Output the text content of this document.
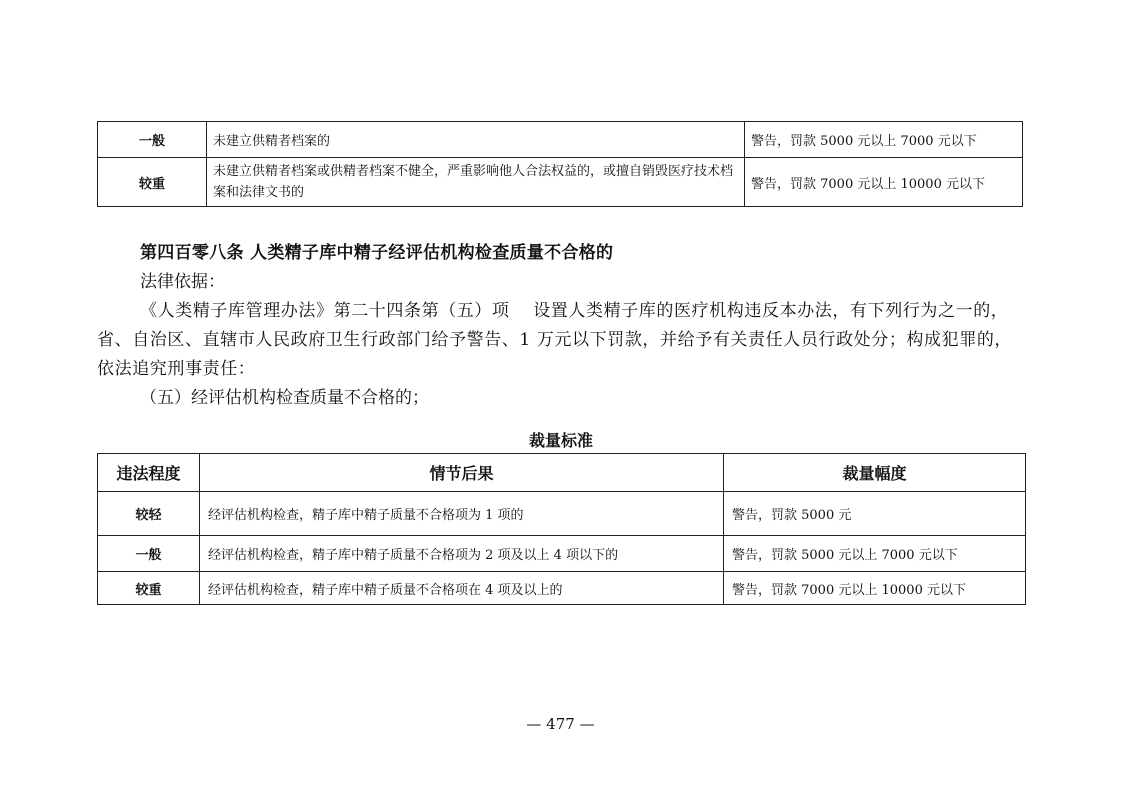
一般	未建立供精者档案的	警告，罚款 5000 元以上 7000 元以下
较重	未建立供精者档案或供精者档案不健全，严重影响他人合法权益的，或擅自销毁医疗技术档案和法律文书的	警告，罚款 7000 元以上 10000 元以下

第四百零八条 人类精子库中精子经评估机构检查质量不合格的

法律依据：

《人类精子库管理办法》第二十四条第（五）项　 设置人类精子库的医疗机构违反本办法，有下列行为之一的，省、自治区、直辖市人民政府卫生行政部门给予警告、1 万元以下罚款，并给予有关责任人员行政处分；构成犯罪的，依法追究刑事责任：

（五）经评估机构检查质量不合格的；

裁量标准
违法程度	情节后果	裁量幅度
较轻	经评估机构检查，精子库中精子质量不合格项为 1 项的	警告，罚款 5000 元
一般	经评估机构检查，精子库中精子质量不合格项为 2 项及以上 4 项以下的	警告，罚款 5000 元以上 7000 元以下
较重	经评估机构检查，精子库中精子质量不合格项在 4 项及以上的	警告，罚款 7000 元以上 10000 元以下
— 477 —
